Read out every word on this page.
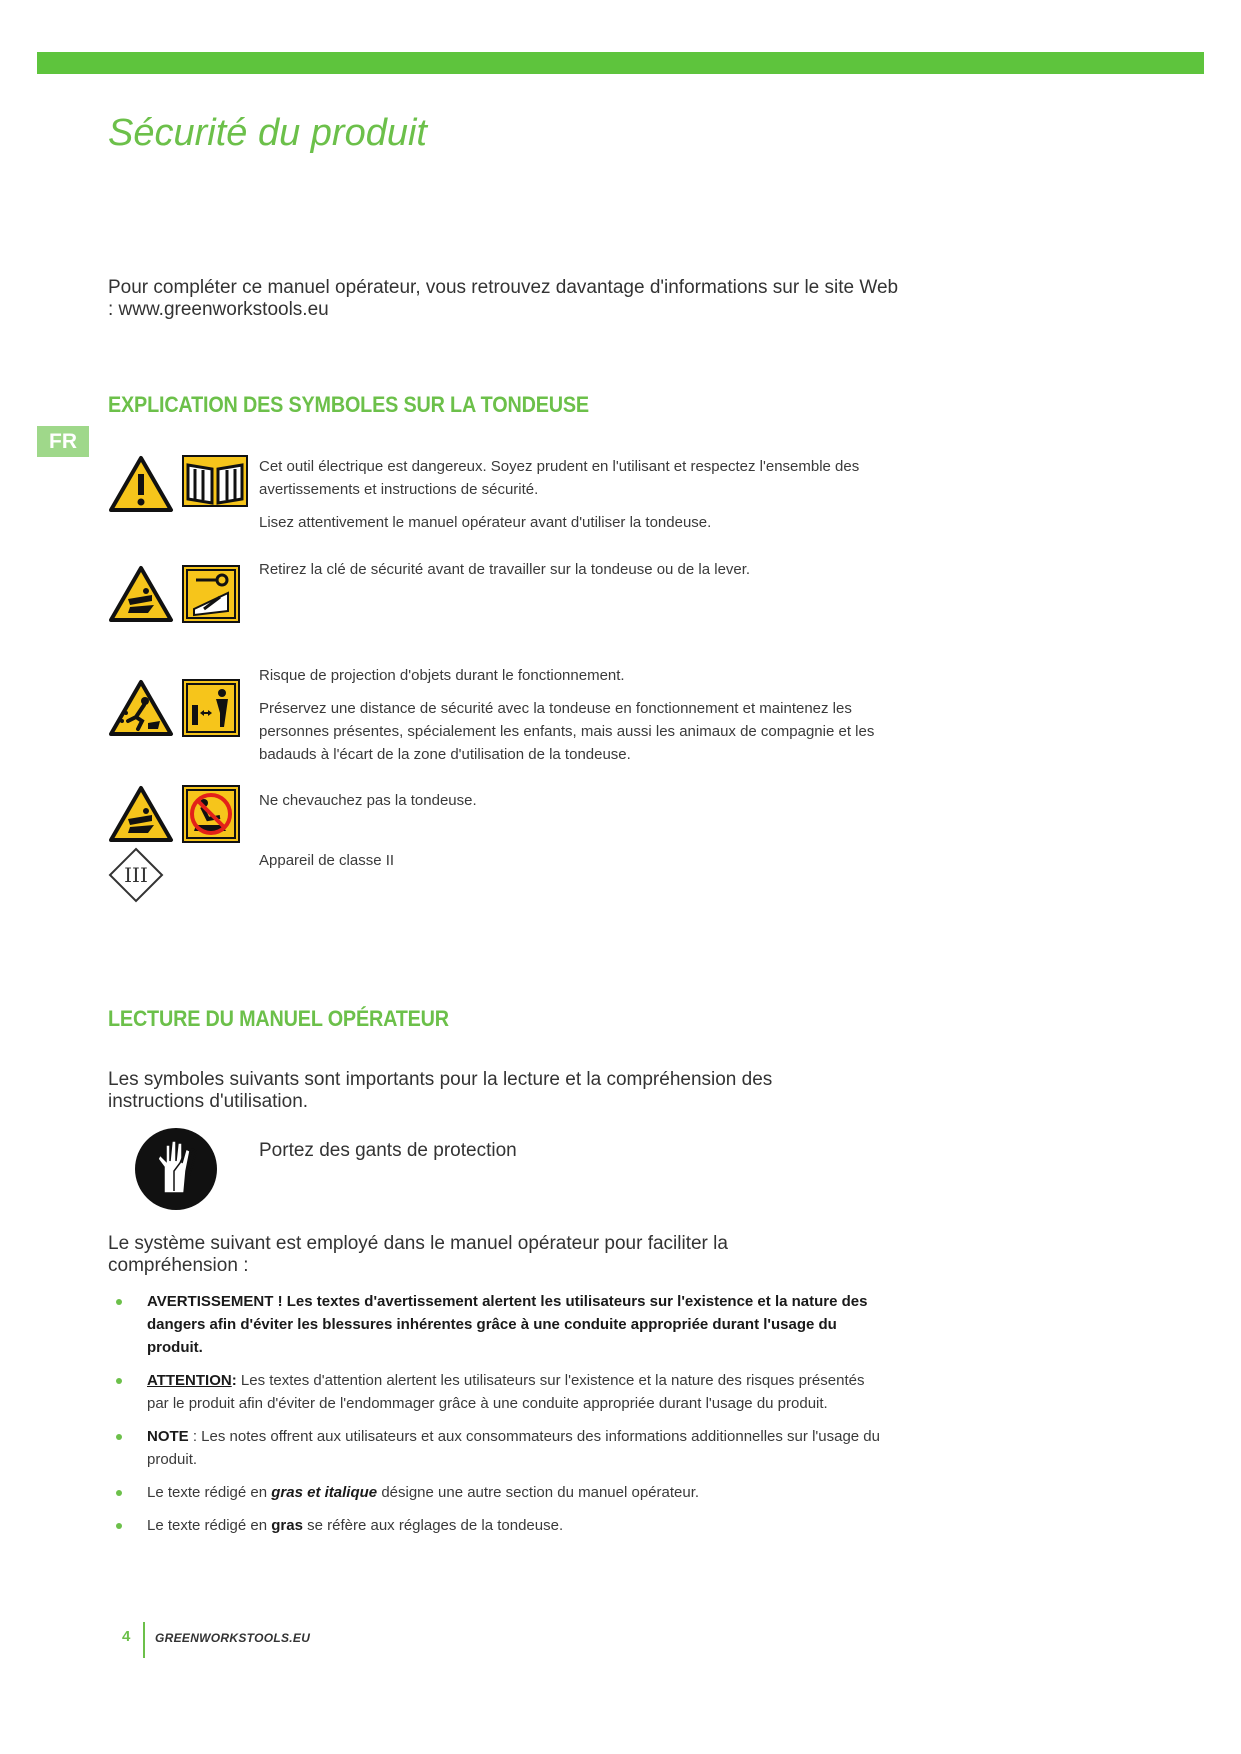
FR
Sécurité du produit

Pour compléter ce manuel opérateur, vous retrouvez davantage d'informations sur le site Web : www.greenworkstools.eu

EXPLICATION DES SYMBOLES SUR LA TONDEUSE

Cet outil électrique est dangereux. Soyez prudent en l'utilisant et respectez l'ensemble des avertissements et instructions de sécurité.

Lisez attentivement le manuel opérateur avant d'utiliser la tondeuse.

Retirez la clé de sécurité avant de travailler sur la tondeuse ou de la lever.

Risque de projection d'objets durant le fonctionnement.

Préservez une distance de sécurité avec la tondeuse en fonctionnement et maintenez les personnes présentes, spécialement les enfants, mais aussi les animaux de compagnie et les badauds à l'écart de la zone d'utilisation de la tondeuse.

Ne chevauchez pas la tondeuse.

III

Appareil de classe II

LECTURE DU MANUEL OPÉRATEUR

Les symboles suivants sont importants pour la lecture et la compréhension des instructions d'utilisation.

Portez des gants de protection

Le système suivant est employé dans le manuel opérateur pour faciliter la compréhension :

AVERTISSEMENT ! Les textes d'avertissement alertent les utilisateurs sur l'existence et la nature des dangers afin d'éviter les blessures inhérentes grâce à une conduite appropriée durant l'usage du produit.
ATTENTION: Les textes d'attention alertent les utilisateurs sur l'existence et la nature des risques présentés par le produit afin d'éviter de l'endommager grâce à une conduite appropriée durant l'usage du produit.
NOTE : Les notes offrent aux utilisateurs et aux consommateurs des informations additionnelles sur l'usage du produit.
Le texte rédigé en gras et italique désigne une autre section du manuel opérateur.
Le texte rédigé en gras se réfère aux réglages de la tondeuse.
4 GREENWORKSTOOLS.EU
